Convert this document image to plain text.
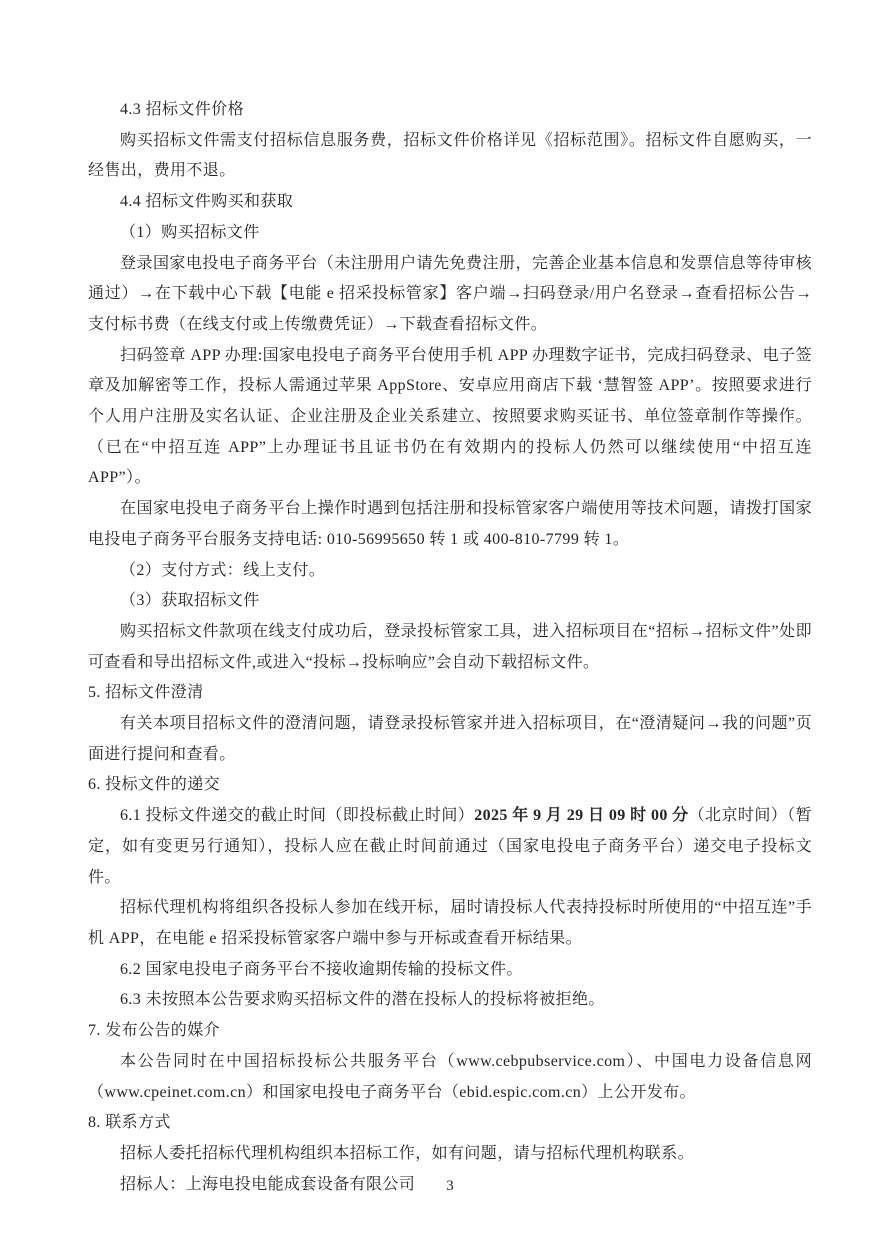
4.3 招标文件价格

购买招标文件需支付招标信息服务费，招标文件价格详见《招标范围》。招标文件自愿购买，一经售出，费用不退。

4.4 招标文件购买和获取

（1）购买招标文件

登录国家电投电子商务平台（未注册用户请先免费注册，完善企业基本信息和发票信息等待审核通过）→在下载中心下载【电能 e 招采投标管家】客户端→扫码登录/用户名登录→查看招标公告→支付标书费（在线支付或上传缴费凭证）→下载查看招标文件。

扫码签章 APP 办理:国家电投电子商务平台使用手机 APP 办理数字证书，完成扫码登录、电子签章及加解密等工作，投标人需通过苹果 AppStore、安卓应用商店下载 ‘慧智签 APP’。按照要求进行个人用户注册及实名认证、企业注册及企业关系建立、按照要求购买证书、单位签章制作等操作。（已在“中招互连 APP”上办理证书且证书仍在有效期内的投标人仍然可以继续使用“中招互连 APP”）。

在国家电投电子商务平台上操作时遇到包括注册和投标管家客户端使用等技术问题，请拨打国家电投电子商务平台服务支持电话: 010-56995650 转 1 或 400-810-7799 转 1。

（2）支付方式：线上支付。

（3）获取招标文件

购买招标文件款项在线支付成功后，登录投标管家工具，进入招标项目在“招标→招标文件”处即可查看和导出招标文件,或进入“投标→投标响应”会自动下载招标文件。

5. 招标文件澄清

有关本项目招标文件的澄清问题，请登录投标管家并进入招标项目，在“澄清疑问→我的问题”页面进行提问和查看。

6. 投标文件的递交

6.1 投标文件递交的截止时间（即投标截止时间）2025 年 9 月 29 日 09 时 00 分（北京时间）（暂定，如有变更另行通知），投标人应在截止时间前通过（国家电投电子商务平台）递交电子投标文件。

招标代理机构将组织各投标人参加在线开标，届时请投标人代表持投标时所使用的“中招互连”手机 APP，在电能 e 招采投标管家客户端中参与开标或查看开标结果。

6.2 国家电投电子商务平台不接收逾期传输的投标文件。

6.3 未按照本公告要求购买招标文件的潜在投标人的投标将被拒绝。

7. 发布公告的媒介

本公告同时在中国招标投标公共服务平台（www.cebpubservice.com）、中国电力设备信息网（www.cpeinet.com.cn）和国家电投电子商务平台（ebid.espic.com.cn）上公开发布。

8. 联系方式

招标人委托招标代理机构组织本招标工作，如有问题，请与招标代理机构联系。

招标人：上海电投电能成套设备有限公司	3
